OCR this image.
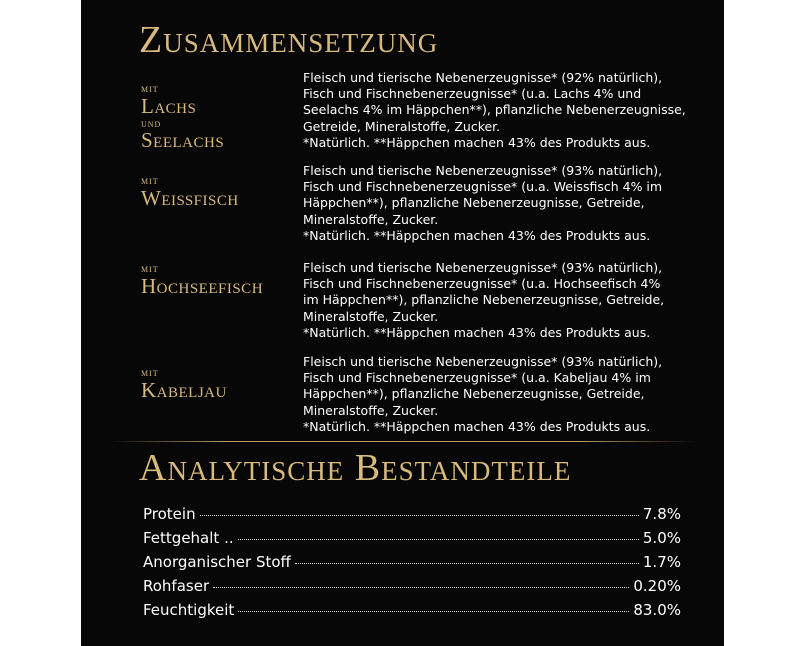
Zusammensetzung
mit
Lachs
und
Seelachs
Fleisch und tierische Nebenerzeugnisse* (92% natürlich),
Fisch und Fischnebenerzeugnisse* (u.a. Lachs 4% und
Seelachs 4% im Häppchen**), pflanzliche Nebenerzeugnisse,
Getreide, Mineralstoffe, Zucker.
*Natürlich. **Häppchen machen 43% des Produkts aus.
mit
Weißfisch
Fleisch und tierische Nebenerzeugnisse* (93% natürlich),
Fisch und Fischnebenerzeugnisse* (u.a. Weissfisch 4% im
Häppchen**), pflanzliche Nebenerzeugnisse, Getreide,
Mineralstoffe, Zucker.
*Natürlich. **Häppchen machen 43% des Produkts aus.
mit
Hochseefisch
Fleisch und tierische Nebenerzeugnisse* (93% natürlich),
Fisch und Fischnebenerzeugnisse* (u.a. Hochseefisch 4%
im Häppchen**), pflanzliche Nebenerzeugnisse, Getreide,
Mineralstoffe, Zucker.
*Natürlich. **Häppchen machen 43% des Produkts aus.
mit
Kabeljau
Fleisch und tierische Nebenerzeugnisse* (93% natürlich),
Fisch und Fischnebenerzeugnisse* (u.a. Kabeljau 4% im
Häppchen**), pflanzliche Nebenerzeugnisse, Getreide,
Mineralstoffe, Zucker.
*Natürlich. **Häppchen machen 43% des Produkts aus.
Analytische Bestandteile
Protein	7.8%
Fettgehalt ..	5.0%
Anorganischer Stoff	1.7%
Rohfaser	0.20%
Feuchtigkeit	83.0%
